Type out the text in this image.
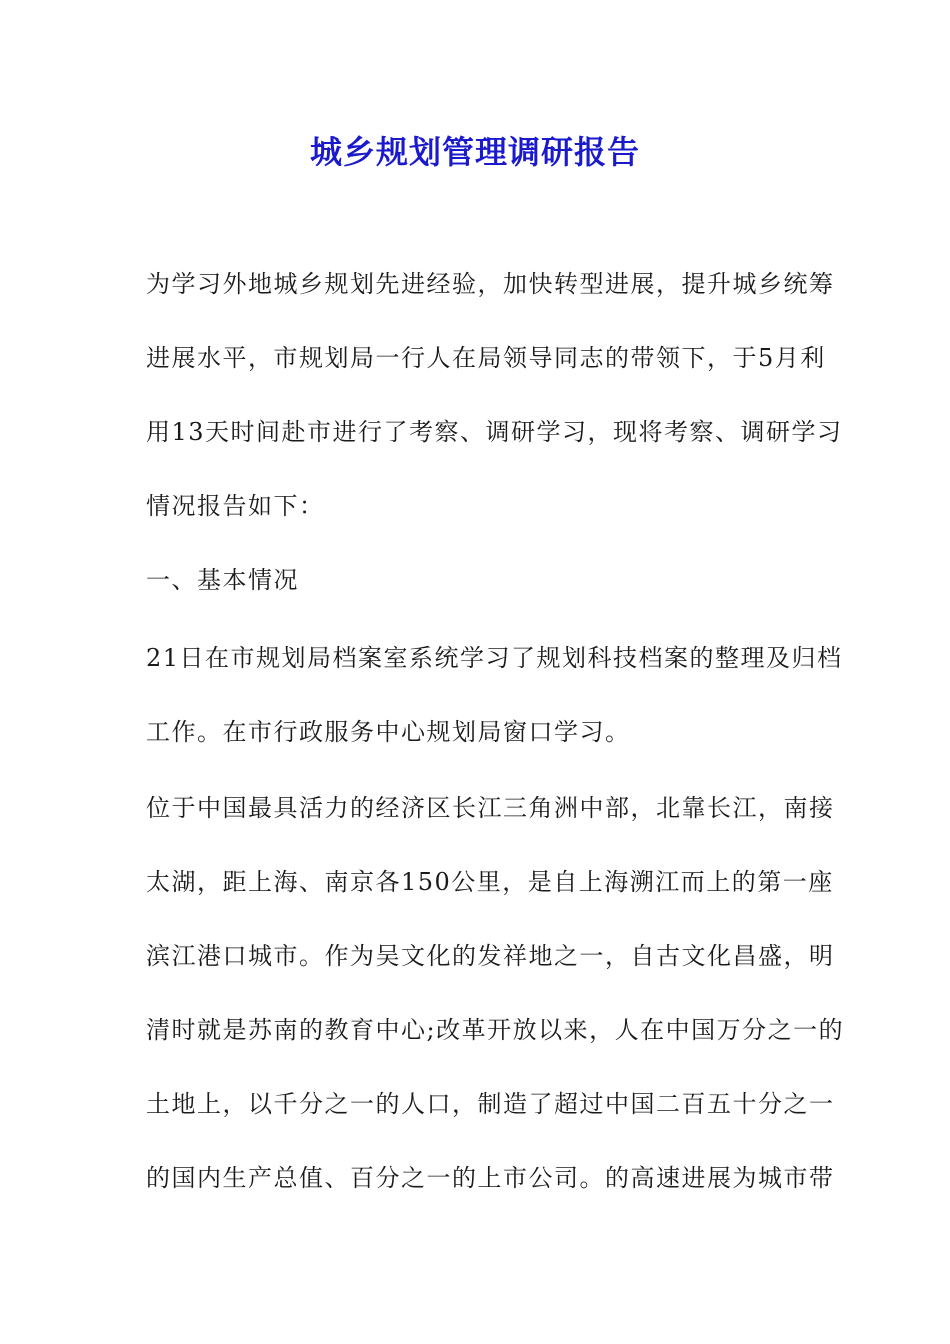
城乡规划管理调研报告
为学习外地城乡规划先进经验，加快转型进展，提升城乡统筹
进展水平，市规划局一行人在局领导同志的带领下，于5月利
用13天时间赴市进行了考察、调研学习，现将考察、调研学习
情况报告如下：
一、基本情况
21日在市规划局档案室系统学习了规划科技档案的整理及归档
工作。在市行政服务中心规划局窗口学习。
位于中国最具活力的经济区长江三角洲中部，北靠长江，南接
太湖，距上海、南京各150公里，是自上海溯江而上的第一座
滨江港口城市。作为吴文化的发祥地之一，自古文化昌盛，明
清时就是苏南的教育中心;改革开放以来，人在中国万分之一的
土地上，以千分之一的人口，制造了超过中国二百五十分之一
的国内生产总值、百分之一的上市公司。的高速进展为城市带
